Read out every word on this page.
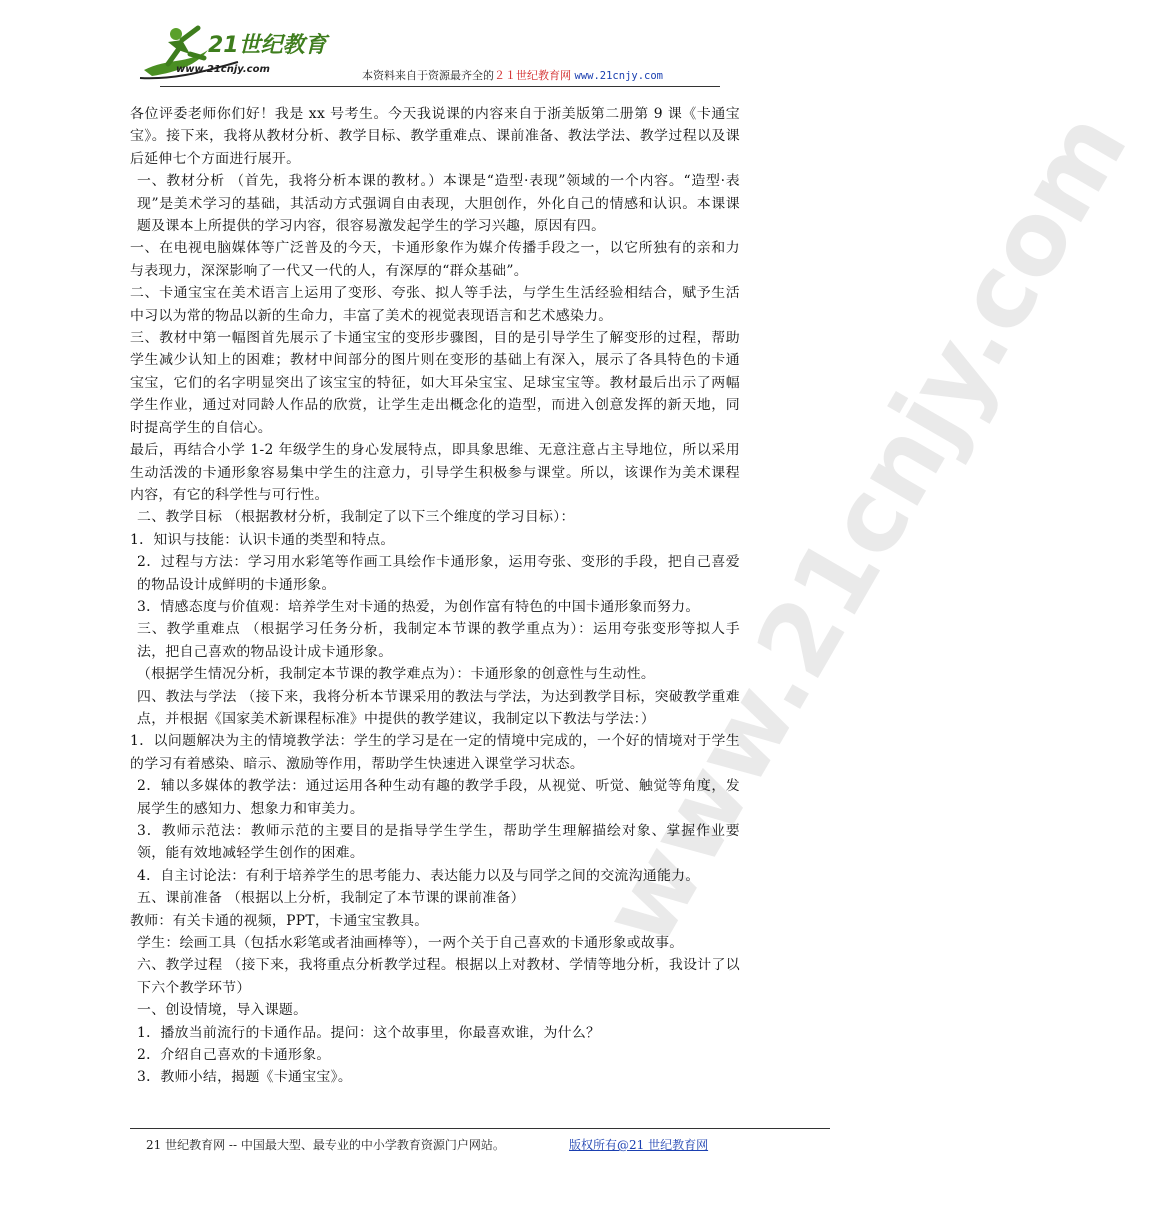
21世纪教育
www.21cnjy.com	本资料来自于资源最齐全的２１世纪教育网 www.21cnjy.com
www.21cnjy.com

各位评委老师你们好！我是 xx 号考生。今天我说课的内容来自于浙美版第二册第 9 课《卡通宝宝》。接下来，我将从教材分析、教学目标、教学重难点、课前准备、教法学法、教学过程以及课后延伸七个方面进行展开。

一、教材分析 （首先，我将分析本课的教材。）本课是“造型·表现”领域的一个内容。“造型·表现”是美术学习的基础，其活动方式强调自由表现，大胆创作，外化自己的情感和认识。本课课题及课本上所提供的学习内容，很容易激发起学生的学习兴趣，原因有四。

一、在电视电脑媒体等广泛普及的今天，卡通形象作为媒介传播手段之一，以它所独有的亲和力与表现力，深深影响了一代又一代的人，有深厚的“群众基础”。

二、卡通宝宝在美术语言上运用了变形、夸张、拟人等手法，与学生生活经验相结合，赋予生活中习以为常的物品以新的生命力，丰富了美术的视觉表现语言和艺术感染力。

三、教材中第一幅图首先展示了卡通宝宝的变形步骤图，目的是引导学生了解变形的过程，帮助学生减少认知上的困难；教材中间部分的图片则在变形的基础上有深入，展示了各具特色的卡通宝宝，它们的名字明显突出了该宝宝的特征，如大耳朵宝宝、足球宝宝等。教材最后出示了两幅学生作业，通过对同龄人作品的欣赏，让学生走出概念化的造型，而进入创意发挥的新天地，同时提高学生的自信心。

最后，再结合小学 1-2 年级学生的身心发展特点，即具象思维、无意注意占主导地位，所以采用生动活泼的卡通形象容易集中学生的注意力，引导学生积极参与课堂。所以，该课作为美术课程内容，有它的科学性与可行性。

二、教学目标 （根据教材分析，我制定了以下三个维度的学习目标）：

1．知识与技能：认识卡通的类型和特点。

2．过程与方法：学习用水彩笔等作画工具绘作卡通形象，运用夸张、变形的手段，把自己喜爱的物品设计成鲜明的卡通形象。

3．情感态度与价值观：培养学生对卡通的热爱，为创作富有特色的中国卡通形象而努力。

三、教学重难点 （根据学习任务分析，我制定本节课的教学重点为）：运用夸张变形等拟人手法，把自己喜欢的物品设计成卡通形象。

（根据学生情况分析，我制定本节课的教学难点为）：卡通形象的创意性与生动性。

四、教法与学法 （接下来，我将分析本节课采用的教法与学法，为达到教学目标，突破教学重难点，并根据《国家美术新课程标准》中提供的教学建议，我制定以下教法与学法：）

1．以问题解决为主的情境教学法：学生的学习是在一定的情境中完成的，一个好的情境对于学生的学习有着感染、暗示、激励等作用，帮助学生快速进入课堂学习状态。

2．辅以多媒体的教学法：通过运用各种生动有趣的教学手段，从视觉、听觉、触觉等角度，发展学生的感知力、想象力和审美力。

3．教师示范法：教师示范的主要目的是指导学生学生，帮助学生理解描绘对象、掌握作业要领，能有效地减轻学生创作的困难。

4．自主讨论法：有利于培养学生的思考能力、表达能力以及与同学之间的交流沟通能力。

五、课前准备 （根据以上分析，我制定了本节课的课前准备）

教师：有关卡通的视频，PPT，卡通宝宝教具。

学生：绘画工具（包括水彩笔或者油画棒等），一两个关于自己喜欢的卡通形象或故事。

六、教学过程 （接下来，我将重点分析教学过程。根据以上对教材、学情等地分析，我设计了以下六个教学环节）

一、创设情境，导入课题。

1．播放当前流行的卡通作品。提问：这个故事里，你最喜欢谁，为什么？

2．介绍自己喜欢的卡通形象。

3．教师小结，揭题《卡通宝宝》。

21 世纪教育网 -- 中国最大型、最专业的中小学教育资源门户网站。	版权所有@21 世纪教育网
